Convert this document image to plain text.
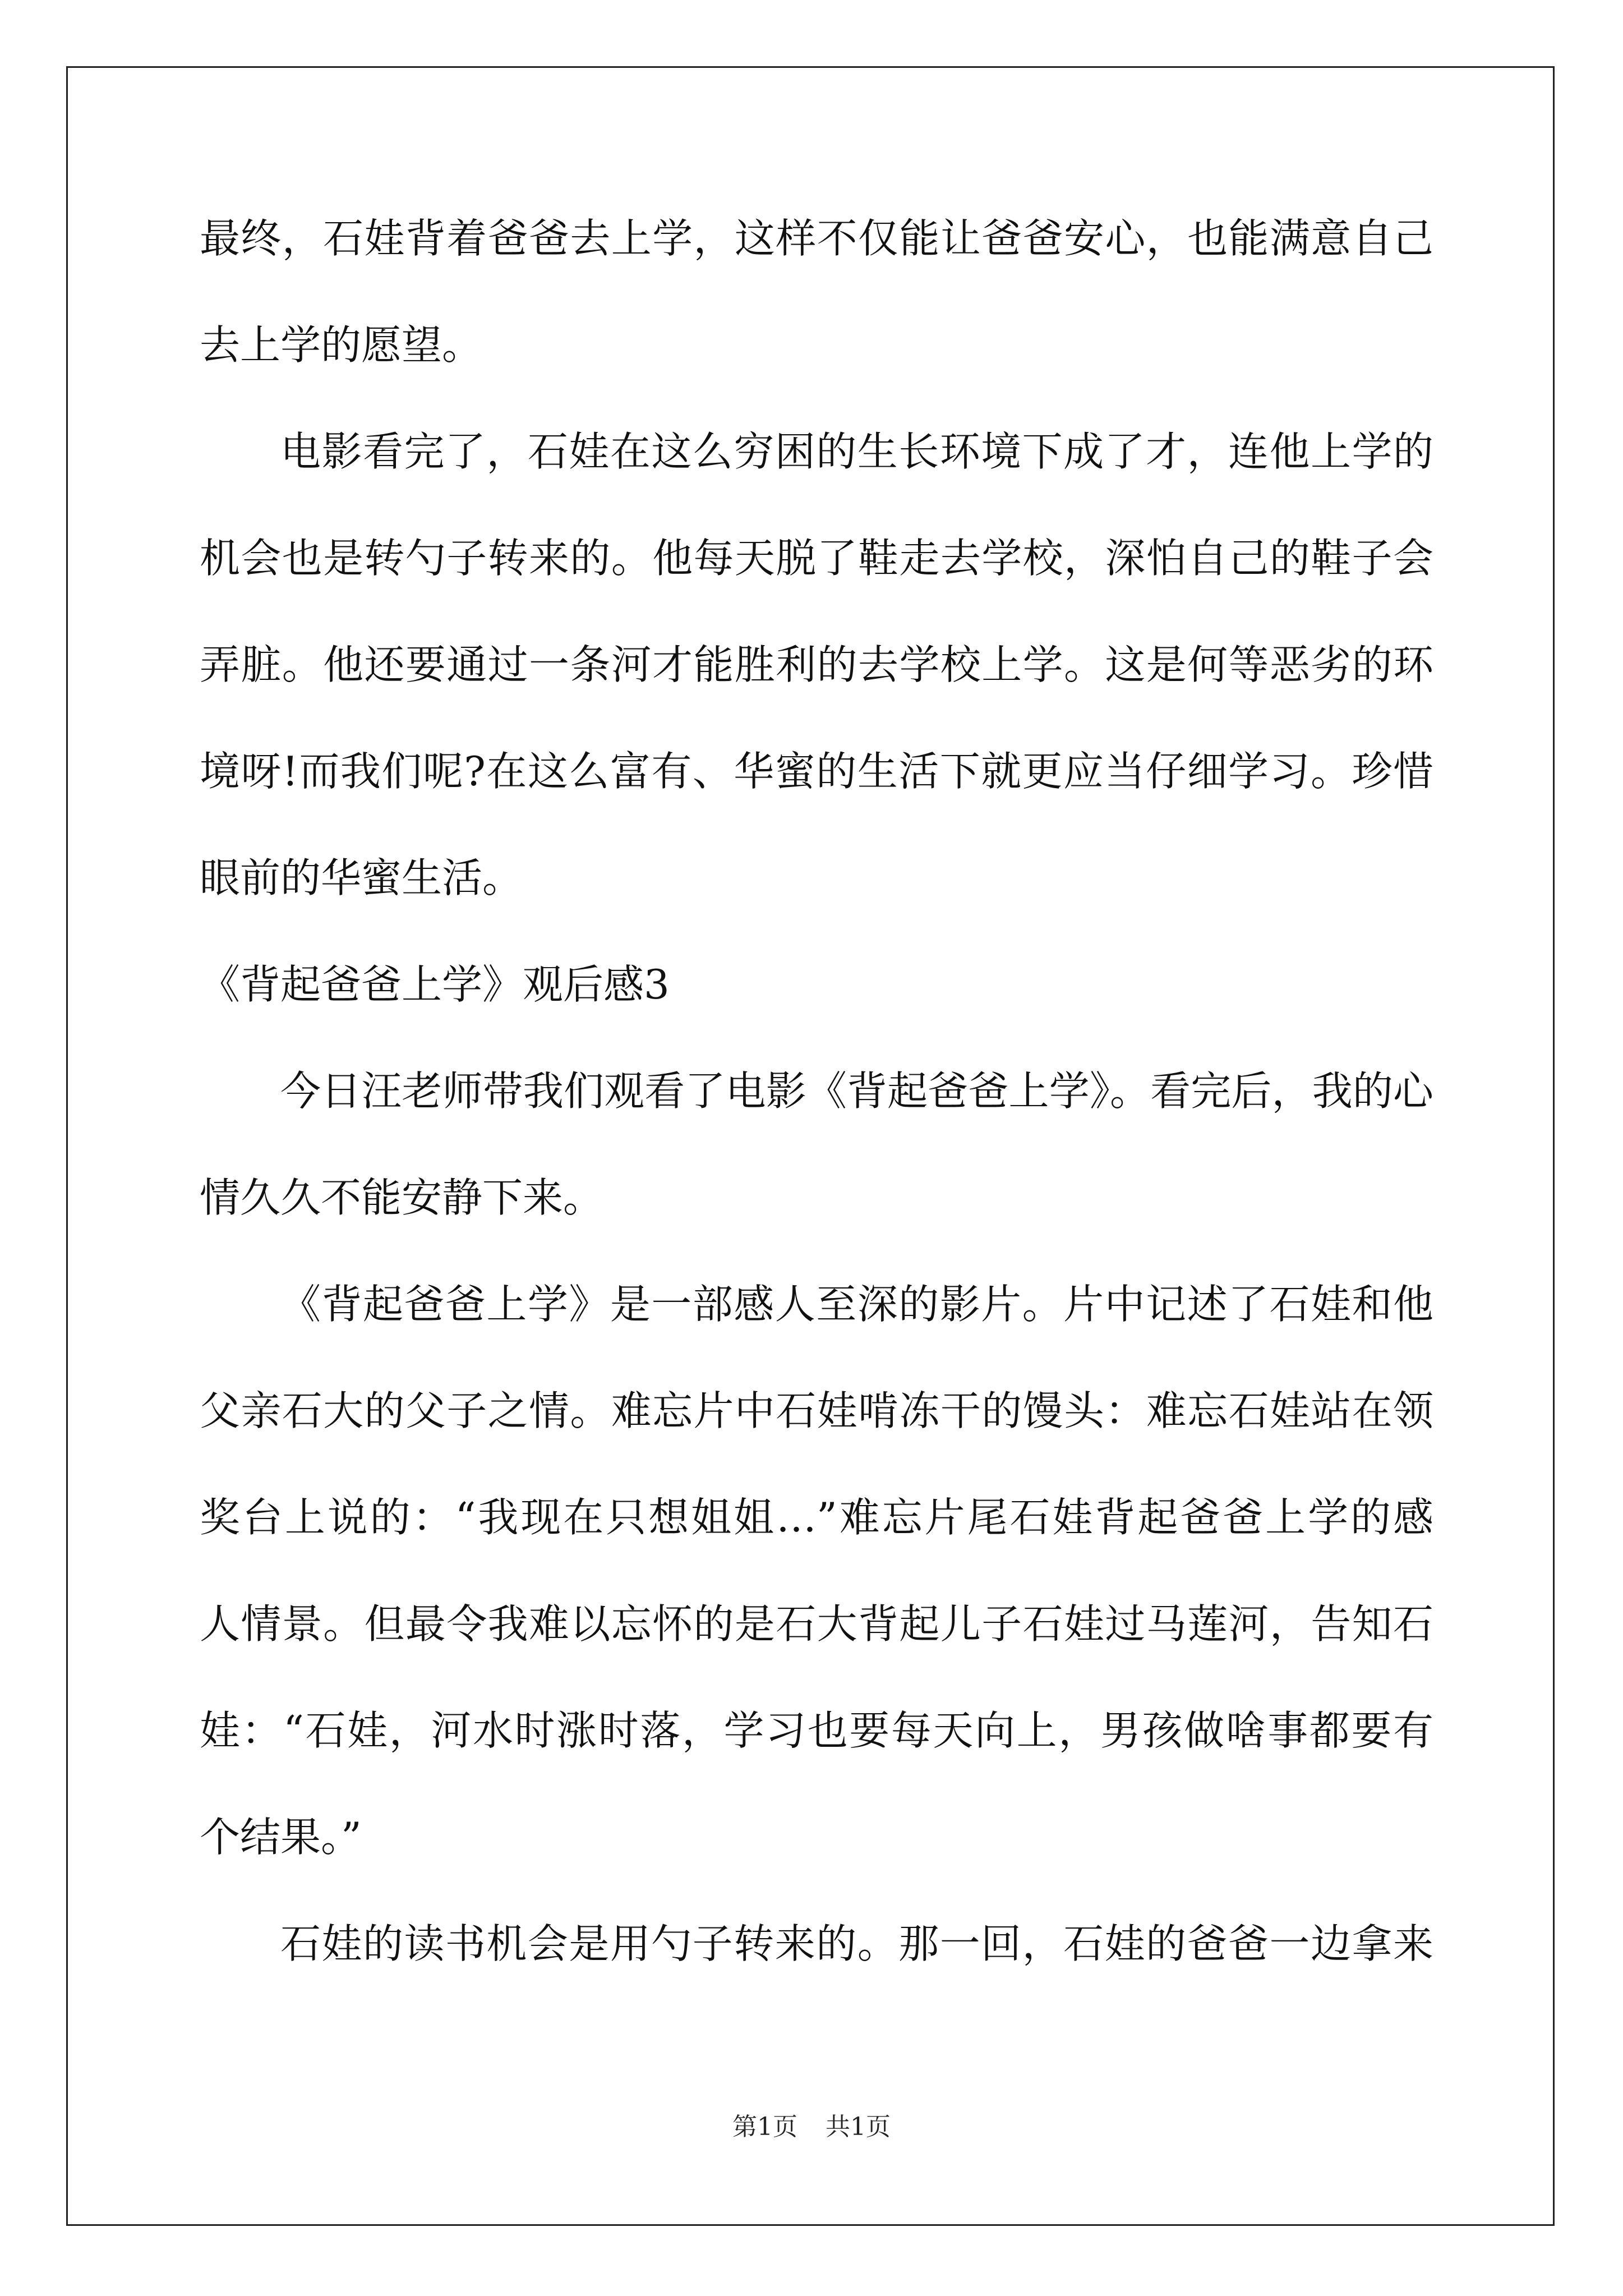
最终，石娃背着爸爸去上学，这样不仅能让爸爸安心，也能满意自己
去上学的愿望。
电影看完了，石娃在这么穷困的生长环境下成了才，连他上学的
机会也是转勺子转来的。他每天脱了鞋走去学校，深怕自己的鞋子会
弄脏。他还要通过一条河才能胜利的去学校上学。这是何等恶劣的环
境呀!而我们呢?在这么富有、华蜜的生活下就更应当仔细学习。珍惜
眼前的华蜜生活。
《背起爸爸上学》观后感3
今日汪老师带我们观看了电影《背起爸爸上学》。看完后，我的心
情久久不能安静下来。
《背起爸爸上学》是一部感人至深的影片。片中记述了石娃和他
父亲石大的父子之情。难忘片中石娃啃冻干的馒头：难忘石娃站在领
奖台上说的：“我现在只想姐姐…”难忘片尾石娃背起爸爸上学的感
人情景。但最令我难以忘怀的是石大背起儿子石娃过马莲河，告知石
娃：“石娃，河水时涨时落，学习也要每天向上，男孩做啥事都要有
个结果。”
石娃的读书机会是用勺子转来的。那一回，石娃的爸爸一边拿来
第1页 共1页
